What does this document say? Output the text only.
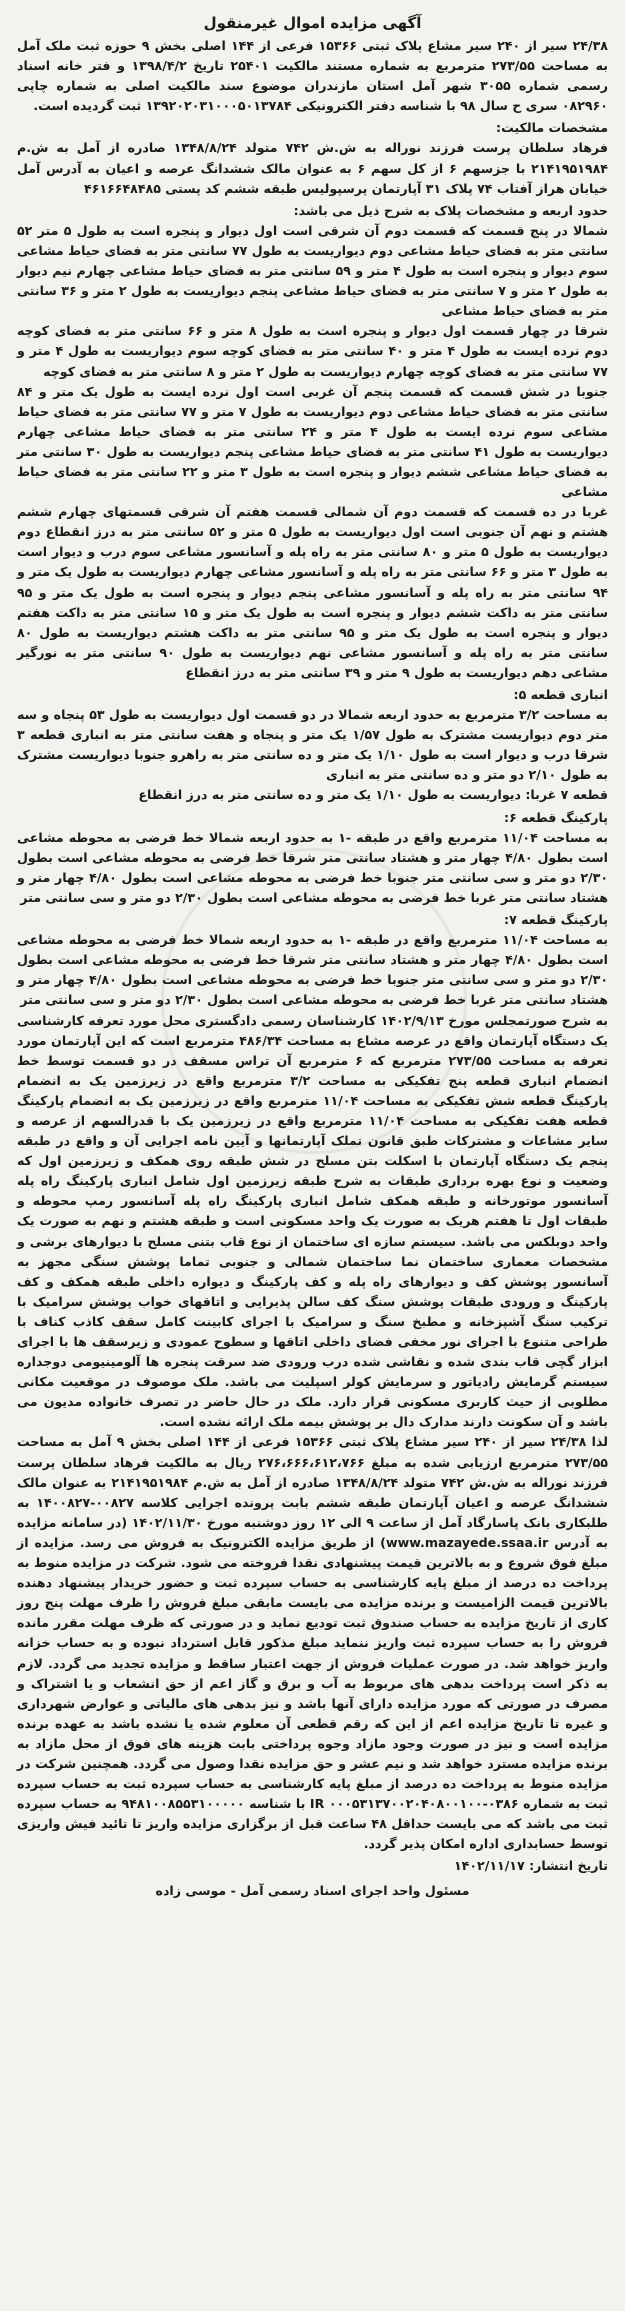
آگهی مزایده اموال غیرمنقول

۲۴/۳۸ سیر از ۲۴۰ سیر مشاع پلاک ثبتی ۱۵۳۶۶ فرعی از ۱۴۴ اصلی بخش ۹ حوزه ثبت ملک آمل به مساحت ۲۷۳/۵۵ مترمربع به شماره مستند مالکیت ۲۵۴۰۱ تاریخ ۱۳۹۸/۴/۲ و فتر خانه اسناد رسمی شماره ۳۰۵۵ شهر آمل استان مازندران موضوع سند مالکیت اصلی به شماره چاپی ۰۸۲۹۶۰ سری ح سال ۹۸ با شناسه دفتر الکترونیکی ۱۳۹۲۰۲۰۳۱۰۰۰۵۰۱۳۷۸۴ ثبت گردیده است.

مشخصات مالکیت:

فرهاد سلطان پرست فرزند نوراله به ش.ش ۷۴۲ متولد ۱۳۴۸/۸/۲۴ صادره از آمل به ش.م ۲۱۴۱۹۵۱۹۸۴ با جزسهم ۶ از کل سهم ۶ به عنوان مالک ششدانگ عرصه و اعیان به آدرس آمل خیابان هراز آفتاب ۷۴ پلاک ۳۱ آپارتمان پرسپولیس طبقه ششم کد پستی ۴۶۱۶۶۴۸۴۸۵

حدود اربعه و مشخصات پلاک به شرح ذیل می باشد:

شمالا در پنج قسمت که قسمت دوم آن شرقی است اول دیوار و پنجره است به طول ۵ متر ۵۲ سانتی متر به فضای حیاط مشاعی دوم دیواریست به طول ۷۷ سانتی متر به فضای حیاط مشاعی سوم دیوار و پنجره است به طول ۴ متر و ۵۹ سانتی متر به فضای حیاط مشاعی چهارم نیم دیوار به طول ۲ متر و ۷ سانتی متر به فضای حیاط مشاعی پنجم دیواریست به طول ۲ متر و ۳۶ سانتی متر به فضای حیاط مشاعی

شرقا در چهار قسمت اول دیوار و پنجره است به طول ۸ متر و ۶۶ سانتی متر به فضای کوچه دوم نرده ایست به طول ۴ متر و ۴۰ سانتی متر به فضای کوچه سوم دیواریست به طول ۴ متر و ۷۷ سانتی متر به فضای کوچه چهارم دیواریست به طول ۲ متر و ۸ سانتی متر به فضای کوچه

جنوبا در شش قسمت که قسمت پنجم آن غربی است اول نرده ایست به طول یک متر و ۸۴ سانتی متر به فضای حیاط مشاعی دوم دیواریست به طول ۷ متر و ۷۷ سانتی متر به فضای حیاط مشاعی سوم نرده ایست به طول ۴ متر و ۲۴ سانتی متر به فضای حیاط مشاعی چهارم دیواریست به طول ۴۱ سانتی متر به فضای حیاط مشاعی پنجم دیواریست به طول ۳۰ سانتی متر به فضای حیاط مشاعی ششم دیوار و پنجره است به طول ۳ متر و ۲۲ سانتی متر به فضای حیاط مشاعی

غربا در ده قسمت که قسمت دوم آن شمالی قسمت هفتم آن شرقی قسمتهای چهارم ششم هشتم و نهم آن جنوبی است اول دیواریست به طول ۵ متر و ۵۲ سانتی متر به درز انقطاع دوم دیواریست به طول ۵ متر و ۸۰ سانتی متر به راه پله و آسانسور مشاعی سوم درب و دیوار است به طول ۳ متر و ۶۶ سانتی متر به راه پله و آسانسور مشاعی چهارم دیواریست به طول یک متر و ۹۴ سانتی متر به راه پله و آسانسور مشاعی پنجم دیوار و پنجره است به طول یک متر و ۹۵ سانتی متر به داکت ششم دیوار و پنجره است به طول یک متر و ۱۵ سانتی متر به داکت هفتم دیوار و پنجره است به طول یک متر و ۹۵ سانتی متر به داکت هشتم دیواریست به طول ۸۰ سانتی متر به راه پله و آسانسور مشاعی نهم دیواریست به طول ۹۰ سانتی متر به نورگیر مشاعی دهم دیواریست به طول ۹ متر و ۳۹ سانتی متر به درز انقطاع

انباری قطعه ۵:

به مساحت ۳/۲ مترمربع به حدود اربعه شمالا در دو قسمت اول دیواریست به طول ۵۳ پنجاه و سه متر دوم دیواریست مشترک به طول ۱/۵۷ یک متر و پنجاه و هفت سانتی متر به انباری قطعه ۳ شرقا درب و دیوار است به طول ۱/۱۰ یک متر و ده سانتی متر به راهرو جنوبا دیواریست مشترک به طول ۲/۱۰ دو متر و ده سانتی متر به انباری

قطعه ۷ غربا: دیواریست به طول ۱/۱۰ یک متر و ده سانتی متر به درز انقطاع

پارکینگ قطعه ۶:

به مساحت ۱۱/۰۴ مترمربع واقع در طبقه -۱ به حدود اربعه شمالا خط فرضی به محوطه مشاعی است بطول ۴/۸۰ چهار متر و هشتاد سانتی متر شرقا خط فرضی به محوطه مشاعی است بطول ۲/۳۰ دو متر و سی سانتی متر جنوبا خط فرضی به محوطه مشاعی است بطول ۴/۸۰ چهار متر و هشتاد سانتی متر غربا خط فرضی به محوطه مشاعی است بطول ۲/۳۰ دو متر و سی سانتی متر

پارکینگ قطعه ۷:

به مساحت ۱۱/۰۴ مترمربع واقع در طبقه -۱ به حدود اربعه شمالا خط فرضی به محوطه مشاعی است بطول ۴/۸۰ چهار متر و هشتاد سانتی متر شرقا خط فرضی به محوطه مشاعی است بطول ۲/۳۰ دو متر و سی سانتی متر جنوبا خط فرضی به محوطه مشاعی است بطول ۴/۸۰ چهار متر و هشتاد سانتی متر غربا خط فرضی به محوطه مشاعی است بطول ۲/۳۰ دو متر و سی سانتی متر

به شرح صورتمجلس مورخ ۱۴۰۲/۹/۱۳ کارشناسان رسمی دادگستری محل مورد تعرفه کارشناسی یک دستگاه آپارتمان واقع در عرصه مشاع به مساحت ۴۸۶/۳۴ مترمربع است که این آپارتمان مورد تعرفه به مساحت ۲۷۳/۵۵ مترمربع که ۶ مترمربع آن تراس مسقف در دو قسمت توسط خط انضمام انباری قطعه پنج تفکیکی به مساحت ۳/۲ مترمربع واقع در زیرزمین یک به انضمام پارکینگ قطعه شش تفکیکی به مساحت ۱۱/۰۴ مترمربع واقع در زیرزمین یک به انضمام پارکینگ قطعه هفت تفکیکی به مساحت ۱۱/۰۴ مترمربع واقع در زیرزمین یک با قدرالسهم از عرصه و سایر مشاعات و مشترکات طبق قانون تملک آپارتمانها و آیین نامه اجرایی آن و واقع در طبقه پنجم یک دستگاه آپارتمان با اسکلت بتن مسلح در شش طبقه روی همکف و زیرزمین اول که وضعیت و نوع بهره برداری طبقات به شرح طبقه زیرزمین اول شامل انباری پارکینگ راه پله آسانسور موتورخانه و طبقه همکف شامل انباری پارکینگ راه پله آسانسور رمپ محوطه و طبقات اول تا هفتم هریک به صورت یک واحد مسکونی است و طبقه هشتم و نهم به صورت یک واحد دوبلکس می باشد. سیستم سازه ای ساختمان از نوع قاب بتنی مسلح با دیوارهای برشی و مشخصات معماری ساختمان نما ساختمان شمالی و جنوبی تماما پوشش سنگی مجهز به آسانسور پوشش کف و دیوارهای راه پله و کف پارکینگ و دیواره داخلی طبقه همکف و کف پارکینگ و ورودی طبقات پوشش سنگ کف سالن پذیرایی و اتاقهای خواب پوشش سرامیک با ترکیب سنگ آشپزخانه و مطبخ سنگ و سرامیک با اجرای کابینت کامل سقف کاذب کناف با طراحی متنوع با اجرای نور مخفی فضای داخلی اتاقها و سطوح عمودی و زیرسقف ها با اجرای ابزار گچی قاب بندی شده و نقاشی شده درب ورودی ضد سرقت پنجره ها آلومینیومی دوجداره سیستم گرمایش رادیاتور و سرمایش کولر اسپلیت می باشد. ملک موصوف در موقعیت مکانی مطلوبی از حیث کاربری مسکونی قرار دارد. ملک در حال حاضر در تصرف خانواده مدیون می باشد و آن سکونت دارند مدارک دال بر پوشش بیمه ملک ارائه نشده است.

لذا ۲۴/۳۸ سیر از ۲۴۰ سیر مشاع پلاک ثبتی ۱۵۳۶۶ فرعی از ۱۴۴ اصلی بخش ۹ آمل به مساحت ۲۷۳/۵۵ مترمربع ارزیابی شده به مبلغ ۲۷۶،۶۶۶،۶۱۲،۷۶۶ ریال به مالکیت فرهاد سلطان پرست فرزند نوراله به ش.ش ۷۴۲ متولد ۱۳۴۸/۸/۲۴ صادره از آمل به ش.م ۲۱۴۱۹۵۱۹۸۴ به عنوان مالک ششدانگ عرصه و اعیان آپارتمان طبقه ششم بابت پرونده اجرایی کلاسه ۰۰۸۲۷-۱۴۰۰۸۲۷ به طلبکاری بانک پاسارگاد آمل از ساعت ۹ الی ۱۲ روز دوشنبه مورخ ۱۴۰۲/۱۱/۳۰ (در سامانه مزایده به آدرس www.mazayede.ssaa.ir) از طریق مزایده الکترونیک به فروش می رسد. مزایده از مبلغ فوق شروع و به بالاترین قیمت پیشنهادی نقدا فروخته می شود. شرکت در مزایده منوط به پرداخت ده درصد از مبلغ پایه کارشناسی به حساب سپرده ثبت و حضور خریدار پیشنهاد دهنده بالاترین قیمت الزامیست و برنده مزایده می بایست مابقی مبلغ فروش را ظرف مهلت پنج روز کاری از تاریخ مزایده به حساب صندوق ثبت تودیع نماید و در صورتی که ظرف مهلت مقرر مانده فروش را به حساب سپرده ثبت واریز ننماید مبلغ مذکور قابل استرداد نبوده و به حساب خزانه واریز خواهد شد. در صورت عملیات فروش از جهت اعتبار ساقط و مزایده تجدید می گردد. لازم به ذکر است پرداخت بدهی های مربوط به آب و برق و گاز اعم از حق انشعاب و یا اشتراک و مصرف در صورتی که مورد مزایده دارای آنها باشد و نیز بدهی های مالیاتی و عوارض شهرداری و غیره تا تاریخ مزایده اعم از این که رقم قطعی آن معلوم شده یا نشده باشد به عهده برنده مزایده است و نیز در صورت وجود مازاد وجوه پرداختی بابت هزینه های فوق از محل مازاد به برنده مزایده مسترد خواهد شد و نیم عشر و حق مزایده نقدا وصول می گردد. همچنین شرکت در مزایده منوط به پرداخت ده درصد از مبلغ پایه کارشناسی به حساب سپرده ثبت به حساب سپرده ثبت به شماره ۰۳۸۶-۰۰۰۵۳۱۳۷۰۰۲۰۴۰۸۰۰۱۰۰ IR با شناسه ۹۴۸۱۰۰۸۵۵۳۱۰۰۰۰۰ به حساب سپرده ثبت می باشد که می بایست حداقل ۴۸ ساعت قبل از برگزاری مزایده واریز تا تائید فیش واریزی توسط حسابداری اداره امکان پذیر گردد.

تاریخ انتشار: ۱۴۰۲/۱۱/۱۷

مسئول واحد اجرای اسناد رسمی آمل - موسی زاده
